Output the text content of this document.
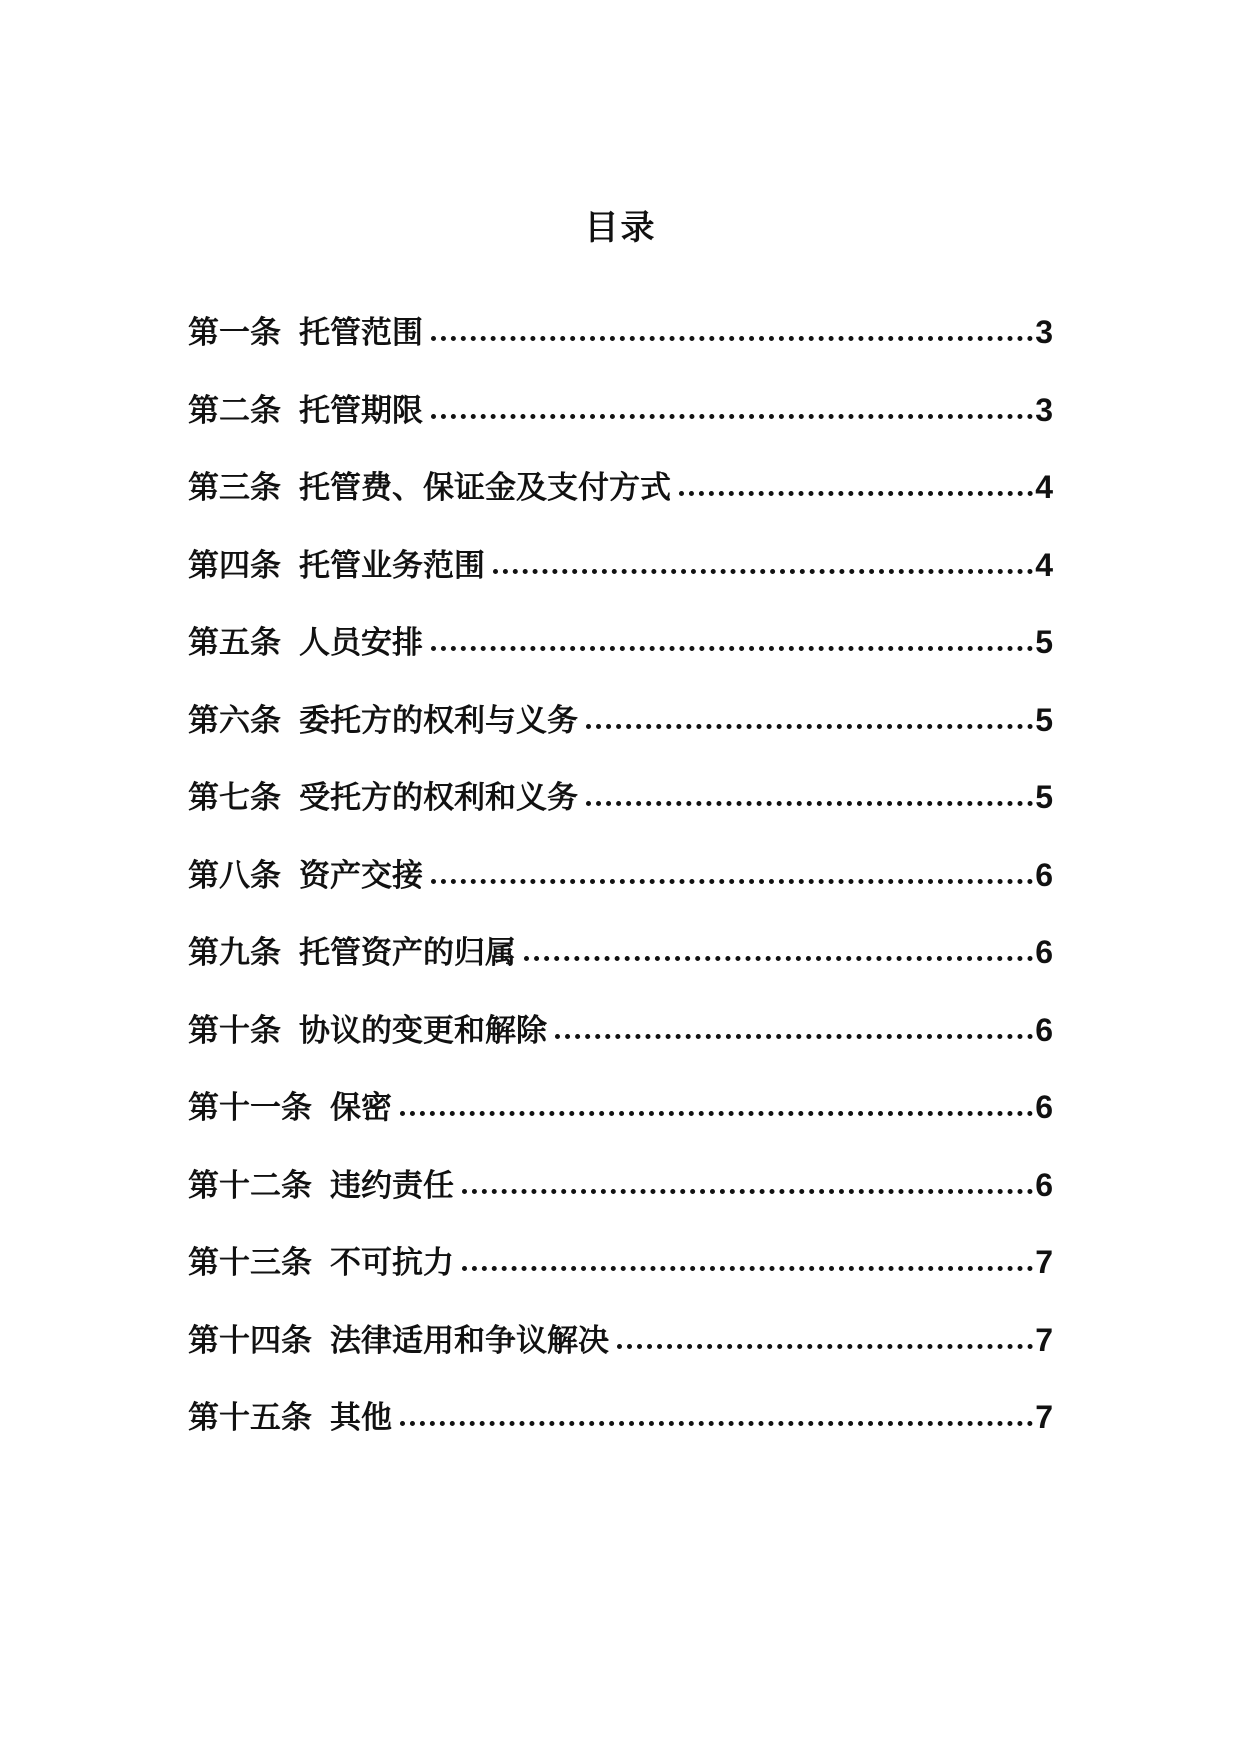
目录
第一条 托管范围	3
第二条 托管期限	3
第三条 托管费、保证金及支付方式	4
第四条 托管业务范围	4
第五条 人员安排	5
第六条 委托方的权利与义务	5
第七条 受托方的权利和义务	5
第八条 资产交接	6
第九条 托管资产的归属	6
第十条 协议的变更和解除	6
第十一条 保密	6
第十二条 违约责任	6
第十三条 不可抗力	7
第十四条 法律适用和争议解决	7
第十五条 其他	7
